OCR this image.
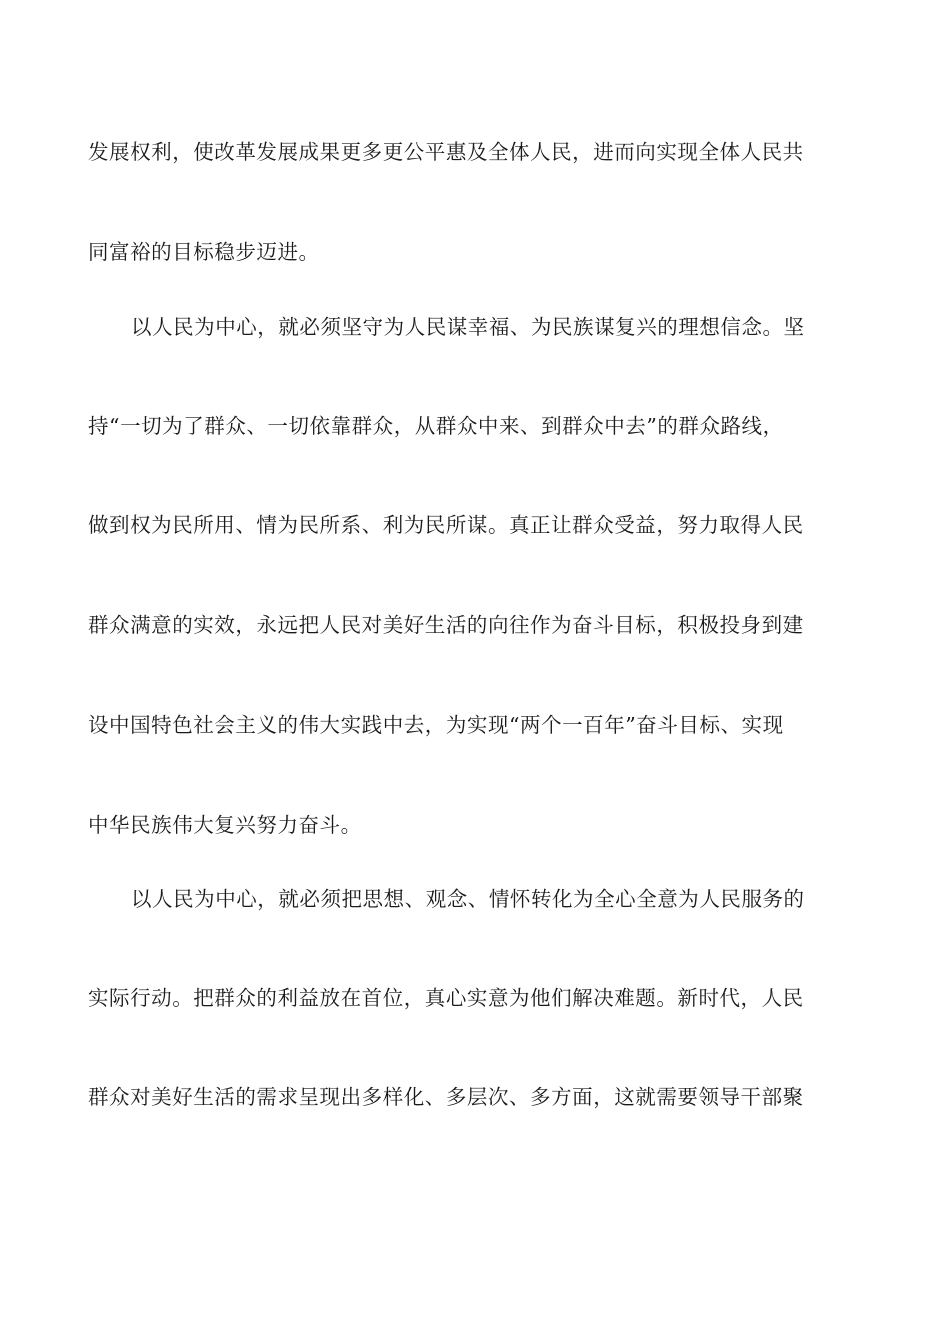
发展权利，使改革发展成果更多更公平惠及全体人民，进而向实现全体人民共
同富裕的目标稳步迈进。
以人民为中心，就必须坚守为人民谋幸福、为民族谋复兴的理想信念。坚
持“一切为了群众、一切依靠群众，从群众中来、到群众中去”的群众路线，
做到权为民所用、情为民所系、利为民所谋。真正让群众受益，努力取得人民
群众满意的实效，永远把人民对美好生活的向往作为奋斗目标，积极投身到建
设中国特色社会主义的伟大实践中去，为实现“两个一百年”奋斗目标、实现
中华民族伟大复兴努力奋斗。
以人民为中心，就必须把思想、观念、情怀转化为全心全意为人民服务的
实际行动。把群众的利益放在首位，真心实意为他们解决难题。新时代，人民
群众对美好生活的需求呈现出多样化、多层次、多方面，这就需要领导干部聚
